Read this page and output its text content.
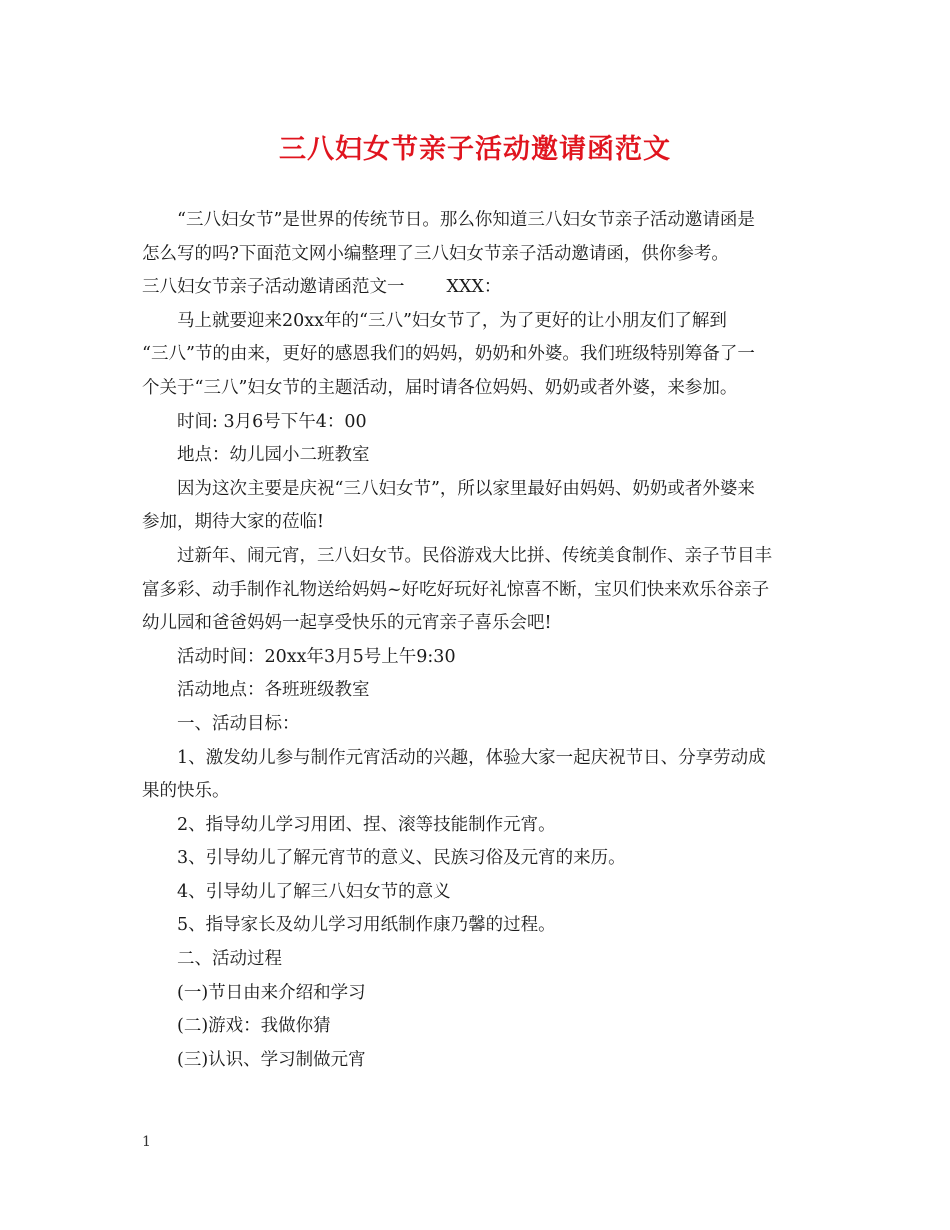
三八妇女节亲子活动邀请函范文

“三八妇女节”是世界的传统节日。那么你知道三八妇女节亲子活动邀请函是

怎么写的吗?下面范文网小编整理了三八妇女节亲子活动邀请函，供你参考。

三八妇女节亲子活动邀请函范文一 XXX：

马上就要迎来20xx年的“三八”妇女节了，为了更好的让小朋友们了解到

“三八”节的由来，更好的感恩我们的妈妈，奶奶和外婆。我们班级特别筹备了一

个关于“三八”妇女节的主题活动，届时请各位妈妈、奶奶或者外婆，来参加。

时间: 3月6号下午4：00

地点：幼儿园小二班教室

因为这次主要是庆祝“三八妇女节”，所以家里最好由妈妈、奶奶或者外婆来

参加，期待大家的莅临!

过新年、闹元宵，三八妇女节。民俗游戏大比拼、传统美食制作、亲子节目丰

富多彩、动手制作礼物送给妈妈~好吃好玩好礼惊喜不断，宝贝们快来欢乐谷亲子

幼儿园和爸爸妈妈一起享受快乐的元宵亲子喜乐会吧!

活动时间：20xx年3月5号上午9:30

活动地点：各班班级教室

一、活动目标：

1、激发幼儿参与制作元宵活动的兴趣，体验大家一起庆祝节日、分享劳动成

果的快乐。

2、指导幼儿学习用团、捏、滚等技能制作元宵。

3、引导幼儿了解元宵节的意义、民族习俗及元宵的来历。

4、引导幼儿了解三八妇女节的意义

5、指导家长及幼儿学习用纸制作康乃馨的过程。

二、活动过程

(一)节日由来介绍和学习

(二)游戏：我做你猜

(三)认识、学习制做元宵

1
